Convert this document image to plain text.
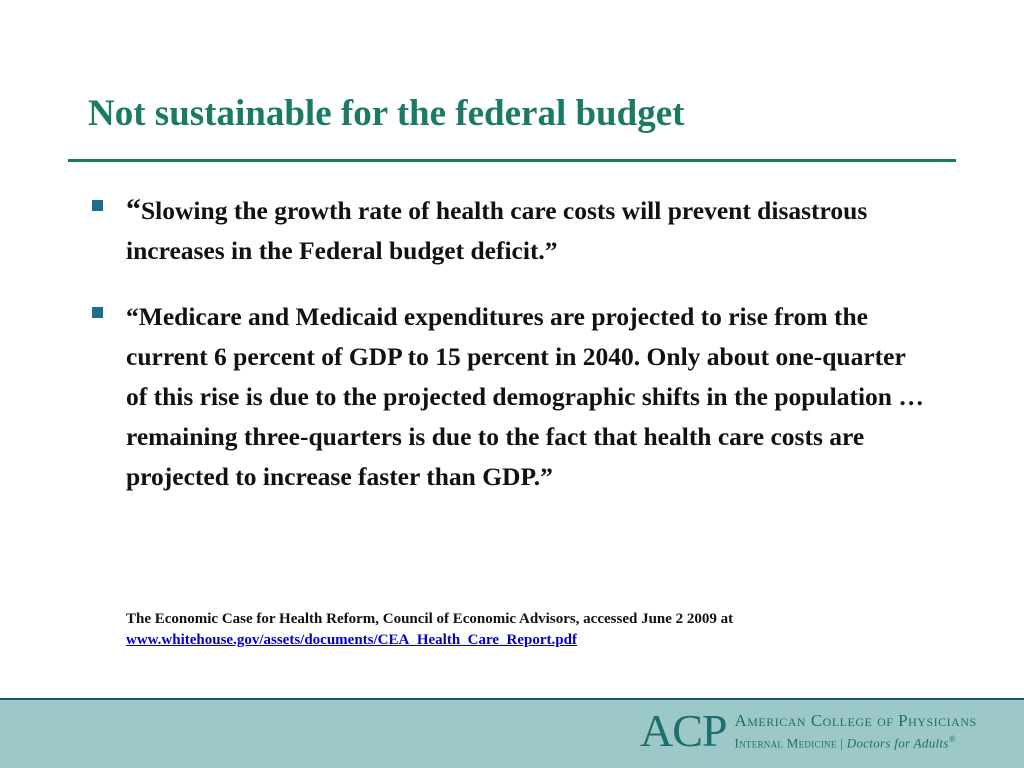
Not sustainable for the federal budget
“Slowing the growth rate of health care costs will prevent disastrous increases in the Federal budget deficit.”
“Medicare and Medicaid expenditures are projected to rise from the current 6 percent of GDP to 15 percent in 2040. Only about one-quarter of this rise is due to the projected demographic shifts in the population … remaining three-quarters is due to the fact that health care costs are projected to increase faster than GDP.”
The Economic Case for Health Reform, Council of Economic Advisors, accessed June 2 2009 at
www.whitehouse.gov/assets/documents/CEA_Health_Care_Report.pdf
ACP American College of Physicians
Internal Medicine | Doctors for Adults®
